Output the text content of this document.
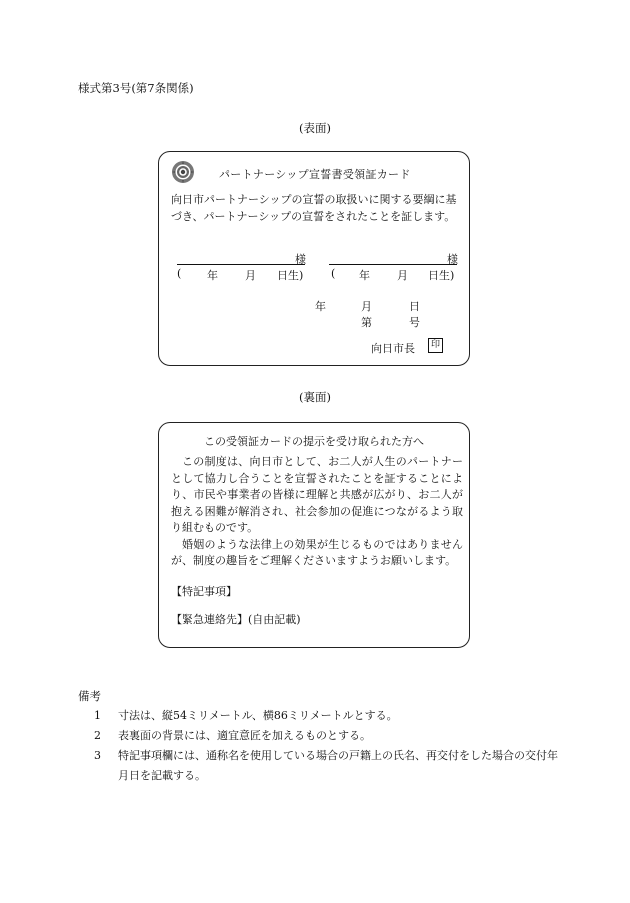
様式第3号(第7条関係)
(表面)
パートナーシップ宣誓書受領証カード
向日市パートナーシップの宣誓の取扱いに関する要綱に基づき、パートナーシップの宣誓をされたことを証します。
様	様
( 年 月 日生)	( 年 月 日生)
年	月	日
第	号
向日市長	印
(裏面)
この受領証カードの提示を受け取られた方へ

この制度は、向日市として、お二人が人生のパートナーとして協力し合うことを宣誓されたことを証することにより、市民や事業者の皆様に理解と共感が広がり、お二人が抱える困難が解消され、社会参加の促進につながるよう取り組むものです。

婚姻のような法律上の効果が生じるものではありませんが、制度の趣旨をご理解くださいますようお願いします。

【特記事項】
【緊急連絡先】(自由記載)
備考
1	寸法は、縦54ミリメートル、横86ミリメートルとする。
2	表裏面の背景には、適宜意匠を加えるものとする。
3	特記事項欄には、通称名を使用している場合の戸籍上の氏名、再交付をした場合の交付年月日を記載する。
